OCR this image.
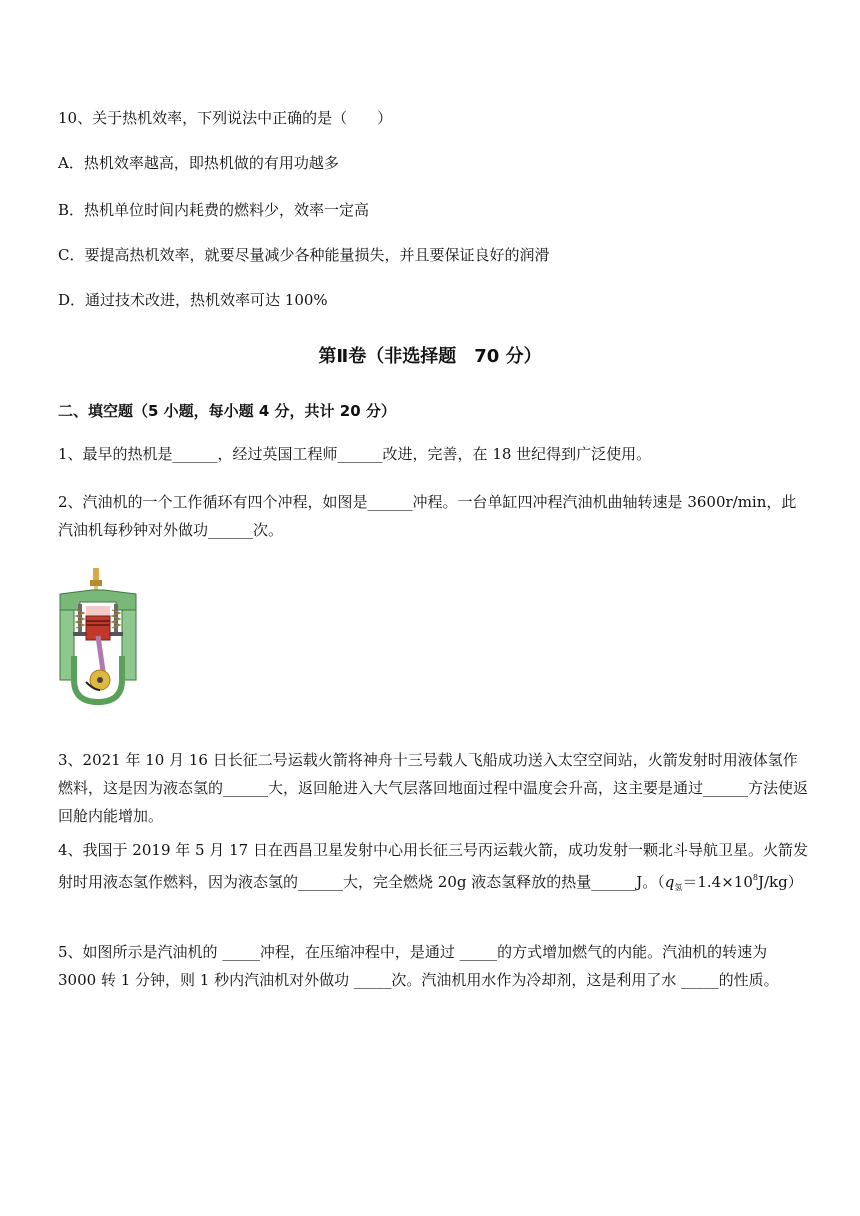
10、关于热机效率，下列说法中正确的是（　　）
A．热机效率越高，即热机做的有用功越多
B．热机单位时间内耗费的燃料少，效率一定高
C．要提高热机效率，就要尽量减少各种能量损失，并且要保证良好的润滑
D．通过技术改进，热机效率可达 100%
第Ⅱ卷（非选择题　70 分）
二、填空题（5 小题，每小题 4 分，共计 20 分）
1、最早的热机是______，经过英国工程师______改进，完善，在 18 世纪得到广泛使用。
2、汽油机的一个工作循环有四个冲程，如图是______冲程。一台单缸四冲程汽油机曲轴转速是 3600r/min，此汽油机每秒钟对外做功______次。
3、2021 年 10 月 16 日长征二号运载火箭将神舟十三号载人飞船成功送入太空空间站，火箭发射时用液体氢作燃料，这是因为液态氢的______大，返回舱进入大气层落回地面过程中温度会升高，这主要是通过______方法使返回舱内能增加。
4、我国于 2019 年 5 月 17 日在西昌卫星发射中心用长征三号丙运载火箭，成功发射一颗北斗导航卫星。火箭发射时用液态氢作燃料，因为液态氢的______大，完全燃烧 20g 液态氢释放的热量______J。$(q_氢=1.4\times 10^8J/kg)$
5、如图所示是汽油机的 _____冲程，在压缩冲程中，是通过 _____的方式增加燃气的内能。汽油机的转速为 3000 转 1 分钟，则 1 秒内汽油机对外做功 _____次。汽油机用水作为冷却剂，这是利用了水 _____的性质。
